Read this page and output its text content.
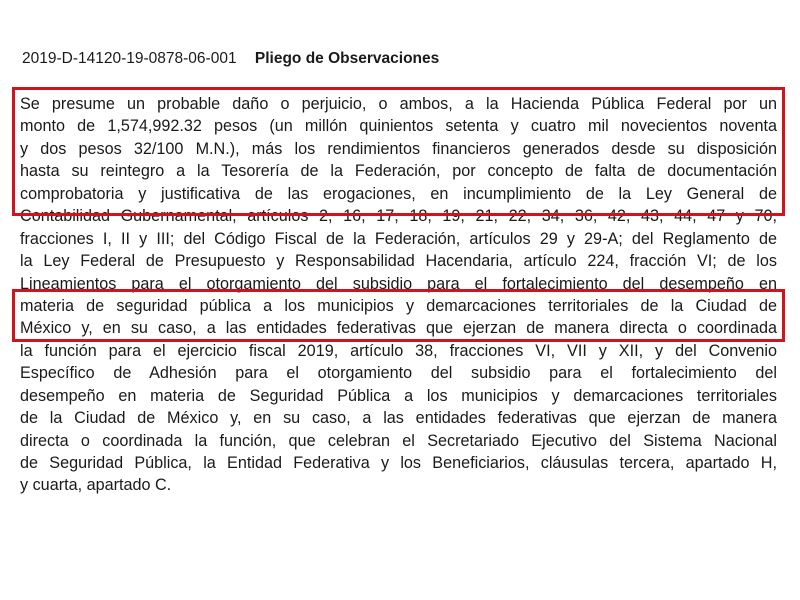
2019-D-14120-19-0878-06-001 Pliego de Observaciones
Se presume un probable daño o perjuicio, o ambos, a la Hacienda Pública Federal por un
monto de 1,574,992.32 pesos (un millón quinientos setenta y cuatro mil novecientos noventa
y dos pesos 32/100 M.N.), más los rendimientos financieros generados desde su disposición
hasta su reintegro a la Tesorería de la Federación, por concepto de falta de documentación
comprobatoria y justificativa de las erogaciones, en incumplimiento de la Ley General de
Contabilidad Gubernamental, artículos 2, 16, 17, 18, 19, 21, 22, 34, 36, 42, 43, 44, 47 y 70,
fracciones I, II y III; del Código Fiscal de la Federación, artículos 29 y 29-A; del Reglamento de
la Ley Federal de Presupuesto y Responsabilidad Hacendaria, artículo 224, fracción VI; de los
Lineamientos para el otorgamiento del subsidio para el fortalecimiento del desempeño en
materia de seguridad pública a los municipios y demarcaciones territoriales de la Ciudad de
México y, en su caso, a las entidades federativas que ejerzan de manera directa o coordinada
la función para el ejercicio fiscal 2019, artículo 38, fracciones VI, VII y XII, y del Convenio
Específico de Adhesión para el otorgamiento del subsidio para el fortalecimiento del
desempeño en materia de Seguridad Pública a los municipios y demarcaciones territoriales
de la Ciudad de México y, en su caso, a las entidades federativas que ejerzan de manera
directa o coordinada la función, que celebran el Secretariado Ejecutivo del Sistema Nacional
de Seguridad Pública, la Entidad Federativa y los Beneficiarios, cláusulas tercera, apartado H,
y cuarta, apartado C.
